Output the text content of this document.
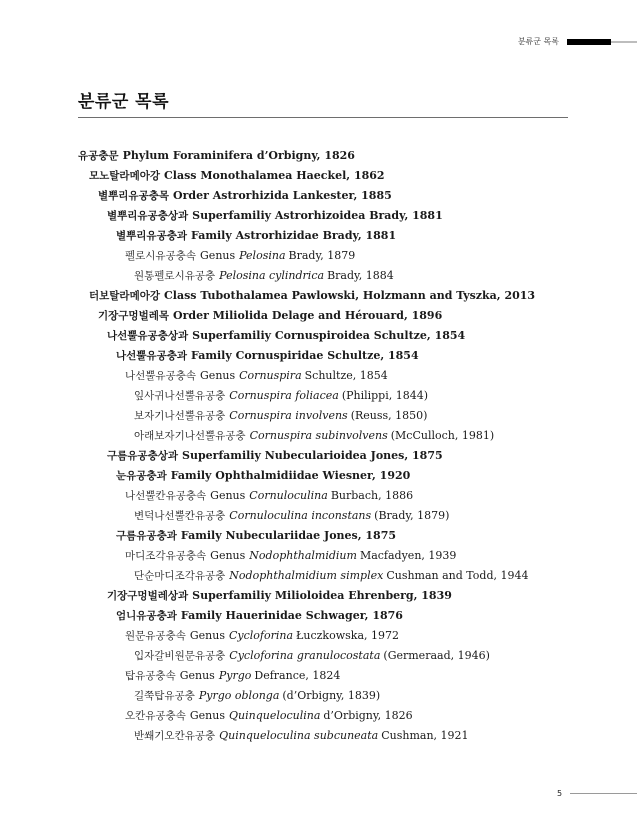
분류군 목록
분류군 목록
유공충문 Phylum Foraminifera d’Orbigny, 1826
모노탈라메아강 Class Monothalamea Haeckel, 1862
별뿌리유공충목 Order Astrorhizida Lankester, 1885
별뿌리유공충상과 Superfamiliy Astrorhizoidea Brady, 1881
별뿌리유공충과 Family Astrorhizidae Brady, 1881
펠로시유공충속 Genus Pelosina Brady, 1879
원통펠로시유공충 Pelosina cylindrica Brady, 1884
터보탈라메아강 Class Tubothalamea Pawlowski, Holzmann and Tyszka, 2013
기장구멍벌레목 Order Miliolida Delage and Hérouard, 1896
나선뿔유공충상과 Superfamiliy Cornuspiroidea Schultze, 1854
나선뿔유공충과 Family Cornuspiridae Schultze, 1854
나선뿔유공충속 Genus Cornuspira Schultze, 1854
잎사귀나선뿔유공충 Cornuspira foliacea (Philippi, 1844)
보자기나선뿔유공충 Cornuspira involvens (Reuss, 1850)
아래보자기나선뿔유공충 Cornuspira subinvolvens (McCulloch, 1981)
구름유공충상과 Superfamiliy Nubecularioidea Jones, 1875
눈유공충과 Family Ophthalmidiidae Wiesner, 1920
나선뿔칸유공충속 Genus Cornuloculina Burbach, 1886
변덕나선뿔칸유공충 Cornuloculina inconstans (Brady, 1879)
구름유공충과 Family Nubeculariidae Jones, 1875
마디조각유공충속 Genus Nodophthalmidium Macfadyen, 1939
단순마디조각유공충 Nodophthalmidium simplex Cushman and Todd, 1944
기장구멍벌레상과 Superfamiliy Milioloidea Ehrenberg, 1839
엄니유공충과 Family Hauerinidae Schwager, 1876
원문유공충속 Genus Cycloforina Łuczkowska, 1972
입자갈비원문유공충 Cycloforina granulocostata (Germeraad, 1946)
탑유공충속 Genus Pyrgo Defrance, 1824
길쭉탑유공충 Pyrgo oblonga (d’Orbigny, 1839)
오칸유공충속 Genus Quinqueloculina d’Orbigny, 1826
반쐐기오칸유공충 Quinqueloculina subcuneata Cushman, 1921
5
